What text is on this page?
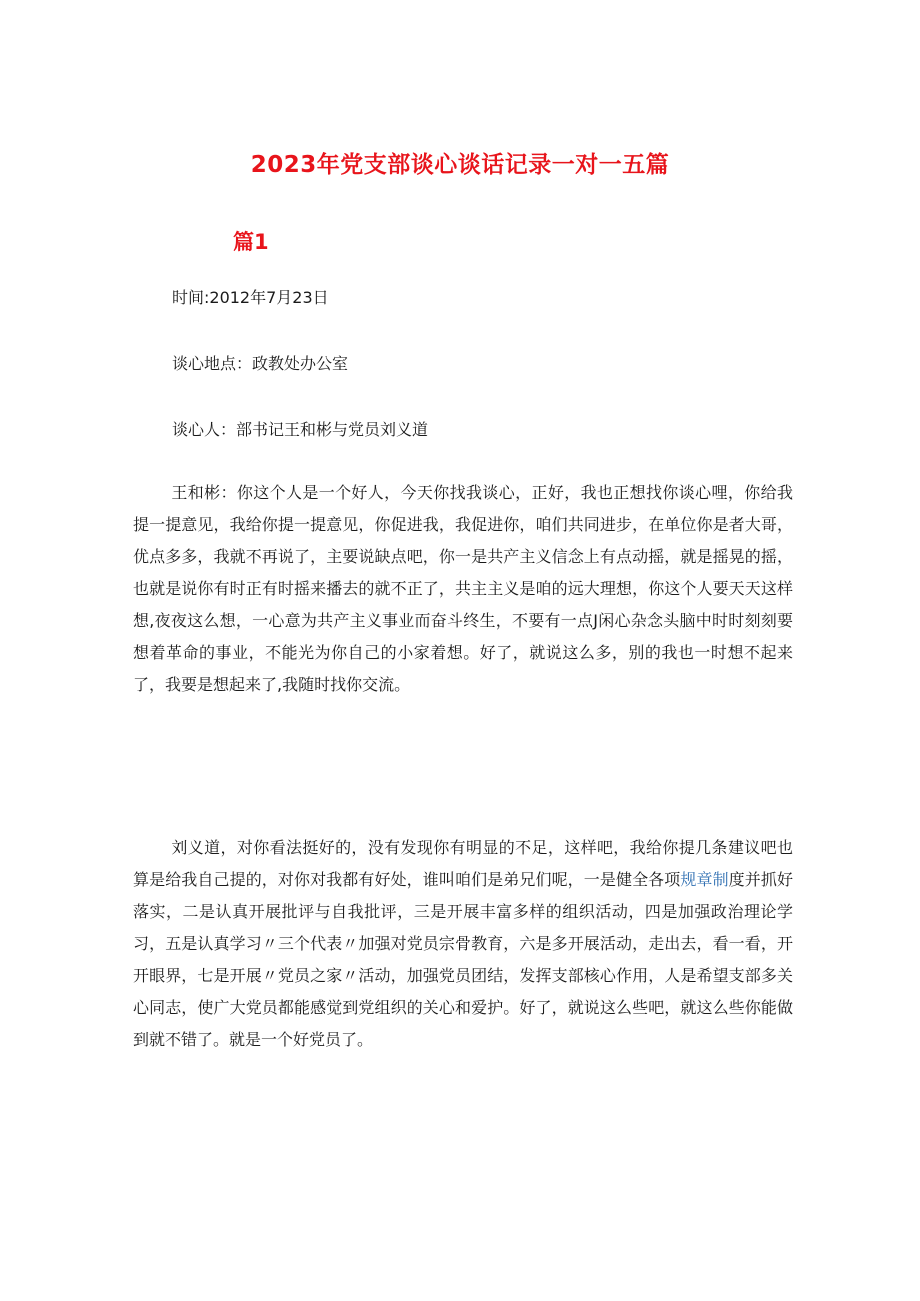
2023年党支部谈心谈话记录一对一五篇
篇1
时间:2012年7月23日
谈心地点：政教处办公室
谈心人：部书记王和彬与党员刘义道
王和彬：你这个人是一个好人，今天你找我谈心，正好，我也正想找你谈心哩，你给我提一提意见，我给你提一提意见，你促进我，我促进你，咱们共同进步，在单位你是者大哥，优点多多，我就不再说了，主要说缺点吧，你一是共产主义信念上有点动摇，就是摇晃的摇，也就是说你有时正有时摇来播去的就不正了，共主主义是咱的远大理想，你这个人要天天这样想,夜夜这么想，一心意为共产主义事业而奋斗终生，不要有一点J闲心杂念头脑中时时刻刻要想着革命的事业，不能光为你自己的小家着想。好了，就说这么多，别的我也一时想不起来了，我要是想起来了,我随时找你交流。
刘义道，对你看法挺好的，没有发现你有明显的不足，这样吧，我给你提几条建议吧也算是给我自己提的，对你对我都有好处，谁叫咱们是弟兄们呢，一是健全各项规章制度并抓好落实，二是认真开展批评与自我批评，三是开展丰富多样的组织活动，四是加强政治理论学习，五是认真学习〃三个代表〃加强对党员宗骨教育，六是多开展活动，走出去，看一看，开开眼界，七是开展〃党员之家〃活动，加强党员团结，发挥支部核心作用，人是希望支部多关心同志，使广大党员都能感觉到党组织的关心和爱护。好了，就说这么些吧，就这么些你能做到就不错了。就是一个好党员了。
